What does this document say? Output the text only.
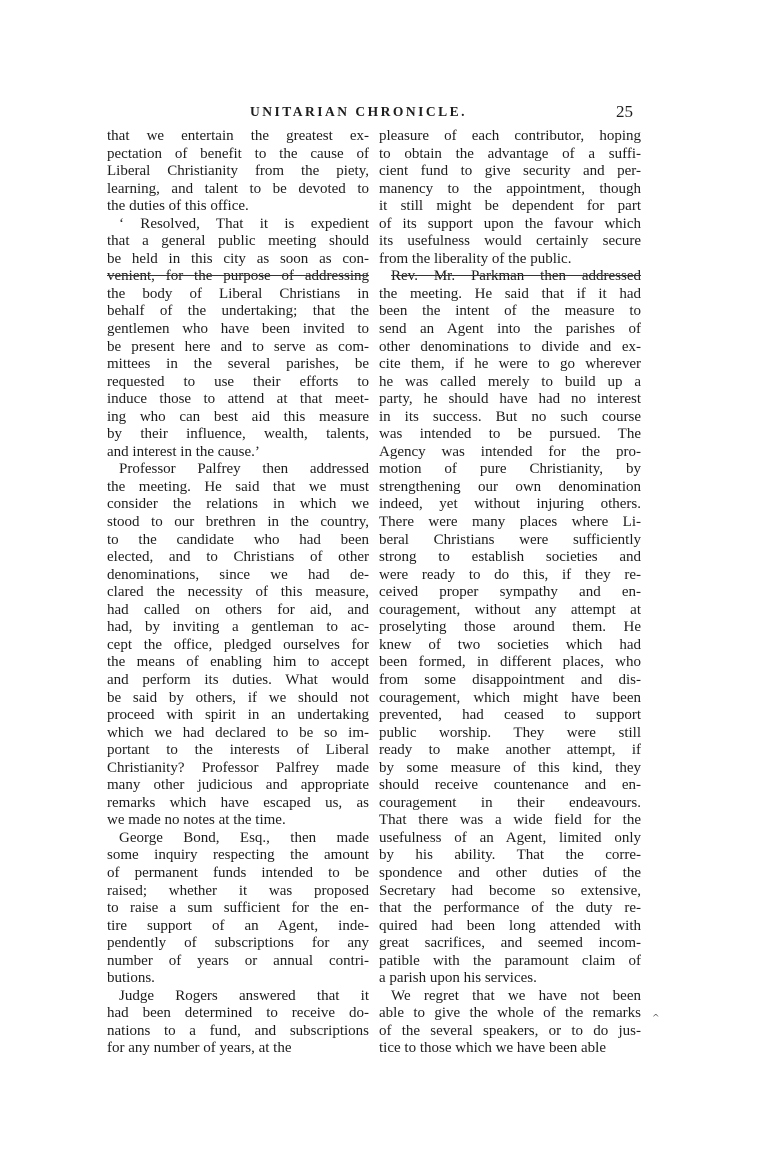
UNITARIAN CHRONICLE.	25
that we entertain the greatest ex-
pectation of benefit to the cause of
Liberal Christianity from the piety,
learning, and talent to be devoted to
the duties of this office.
‘ Resolved, That it is expedient
that a general public meeting should
be held in this city as soon as con-
venient, for the purpose of addressing
the body of Liberal Christians in
behalf of the undertaking; that the
gentlemen who have been invited to
be present here and to serve as com-
mittees in the several parishes, be
requested to use their efforts to
induce those to attend at that meet-
ing who can best aid this measure
by their influence, wealth, talents,
and interest in the cause.’
Professor Palfrey then addressed
the meeting. He said that we must
consider the relations in which we
stood to our brethren in the country,
to the candidate who had been
elected, and to Christians of other
denominations, since we had de-
clared the necessity of this measure,
had called on others for aid, and
had, by inviting a gentleman to ac-
cept the office, pledged ourselves for
the means of enabling him to accept
and perform its duties. What would
be said by others, if we should not
proceed with spirit in an undertaking
which we had declared to be so im-
portant to the interests of Liberal
Christianity? Professor Palfrey made
many other judicious and appropriate
remarks which have escaped us, as
we made no notes at the time.
George Bond, Esq., then made
some inquiry respecting the amount
of permanent funds intended to be
raised; whether it was proposed
to raise a sum sufficient for the en-
tire support of an Agent, inde-
pendently of subscriptions for any
number of years or annual contri-
butions.
Judge Rogers answered that it
had been determined to receive do-
nations to a fund, and subscriptions
for any number of years, at the
pleasure of each contributor, hoping
to obtain the advantage of a suffi-
cient fund to give security and per-
manency to the appointment, though
it still might be dependent for part
of its support upon the favour which
its usefulness would certainly secure
from the liberality of the public.
Rev. Mr. Parkman then addressed
the meeting. He said that if it had
been the intent of the measure to
send an Agent into the parishes of
other denominations to divide and ex-
cite them, if he were to go wherever
he was called merely to build up a
party, he should have had no interest
in its success. But no such course
was intended to be pursued. The
Agency was intended for the pro-
motion of pure Christianity, by
strengthening our own denomination
indeed, yet without injuring others.
There were many places where Li-
beral Christians were sufficiently
strong to establish societies and
were ready to do this, if they re-
ceived proper sympathy and en-
couragement, without any attempt at
proselyting those around them. He
knew of two societies which had
been formed, in different places, who
from some disappointment and dis-
couragement, which might have been
prevented, had ceased to support
public worship. They were still
ready to make another attempt, if
by some measure of this kind, they
should receive countenance and en-
couragement in their endeavours.
That there was a wide field for the
usefulness of an Agent, limited only
by his ability. That the corre-
spondence and other duties of the
Secretary had become so extensive,
that the performance of the duty re-
quired had been long attended with
great sacrifices, and seemed incom-
patible with the paramount claim of
a parish upon his services.
We regret that we have not been
able to give the whole of the remarks
of the several speakers, or to do jus-
tice to those which we have been able
^
